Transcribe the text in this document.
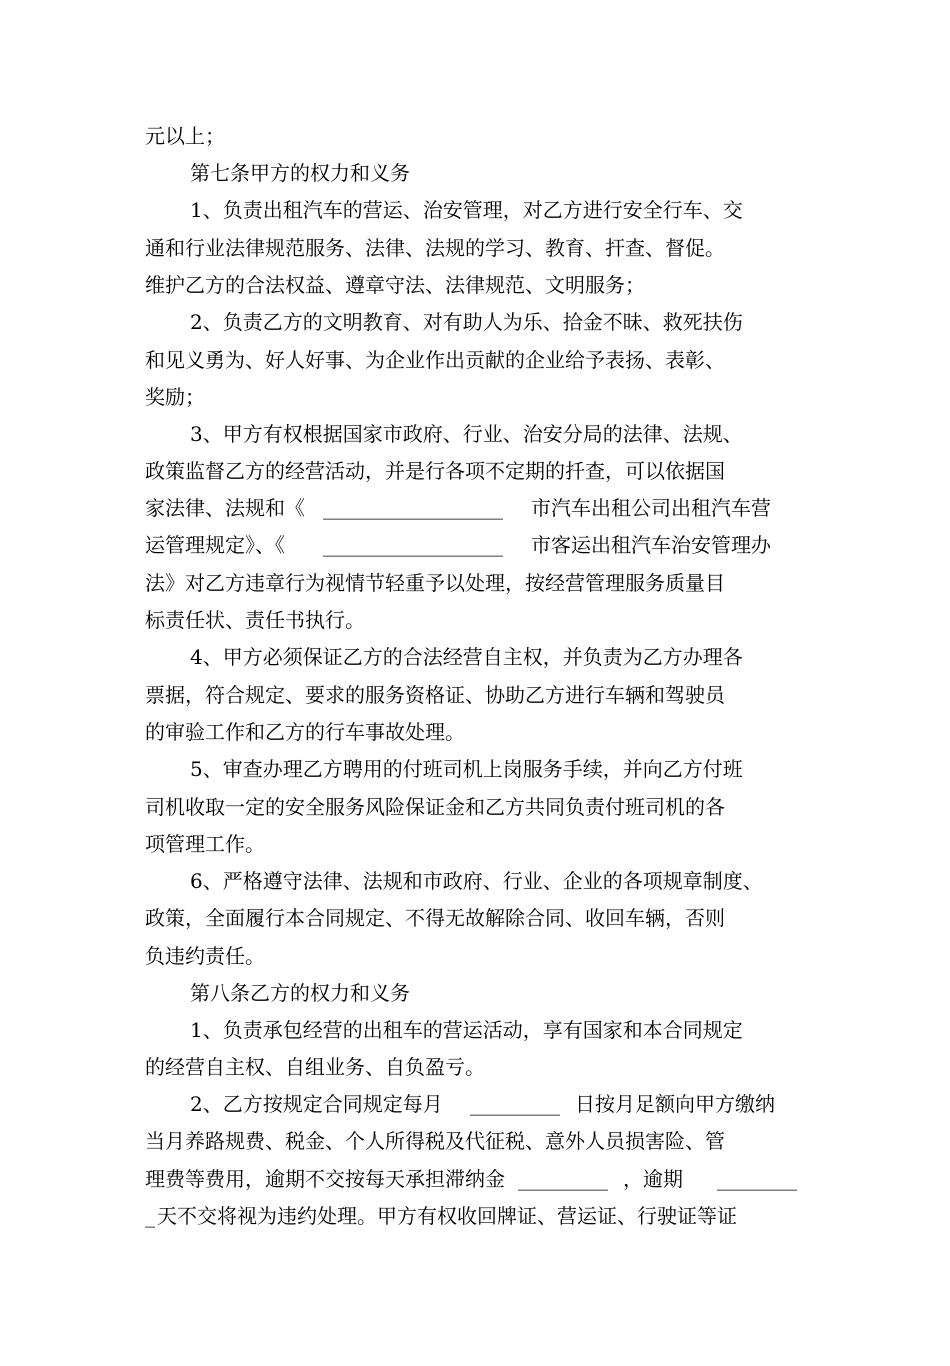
元以上；

第七条甲方的权力和义务

1、负责出租汽车的营运、治安管理，对乙方进行安全行车、交

通和行业法律规范服务、法律、法规的学习、教育、扞查、督促。

维护乙方的合法权益、遵章守法、法律规范、文明服务；

2、负责乙方的文明教育、对有助人为乐、拾金不昧、救死扶伤

和见义勇为、好人好事、为企业作出贡献的企业给予表扬、表彰、

奖励；

3、甲方有权根据国家市政府、行业、治安分局的法律、法规、

政策监督乙方的经营活动，并是行各项不定期的扦查，可以依据国

家法律、法规和《

__________________

市汽车出租公司出租汽车营

运管理规定》、《

__________________

市客运出租汽车治安管理办

法》对乙方违章行为视情节轻重予以处理，按经营管理服务质量目

标责任状、责任书执行。

4、甲方必须保证乙方的合法经营自主权，并负责为乙方办理各

票据，符合规定、要求的服务资格证、协助乙方进行车辆和驾驶员

的审验工作和乙方的行车事故处理。

5、审查办理乙方聘用的付班司机上岗服务手续，并向乙方付班

司机收取一定的安全服务风险保证金和乙方共同负责付班司机的各

项管理工作。

6、严格遵守法律、法规和市政府、行业、企业的各项规章制度、

政策，全面履行本合同规定、不得无故解除合同、收回车辆，否则

负违约责任。

第八条乙方的权力和义务

1、负责承包经营的出租车的营运活动，享有国家和本合同规定

的经营自主权、自组业务、自负盈亏。

2、乙方按规定合同规定每月

_________

日按月足额向甲方缴纳

当月养路规费、税金、个人所得税及代征税、意外人员损害险、管

理费等费用，逾期不交按每天承担滞纳金

_________

，逾期

________

_

天不交将视为违约处理。甲方有权收回牌证、营运证、行驶证等证
